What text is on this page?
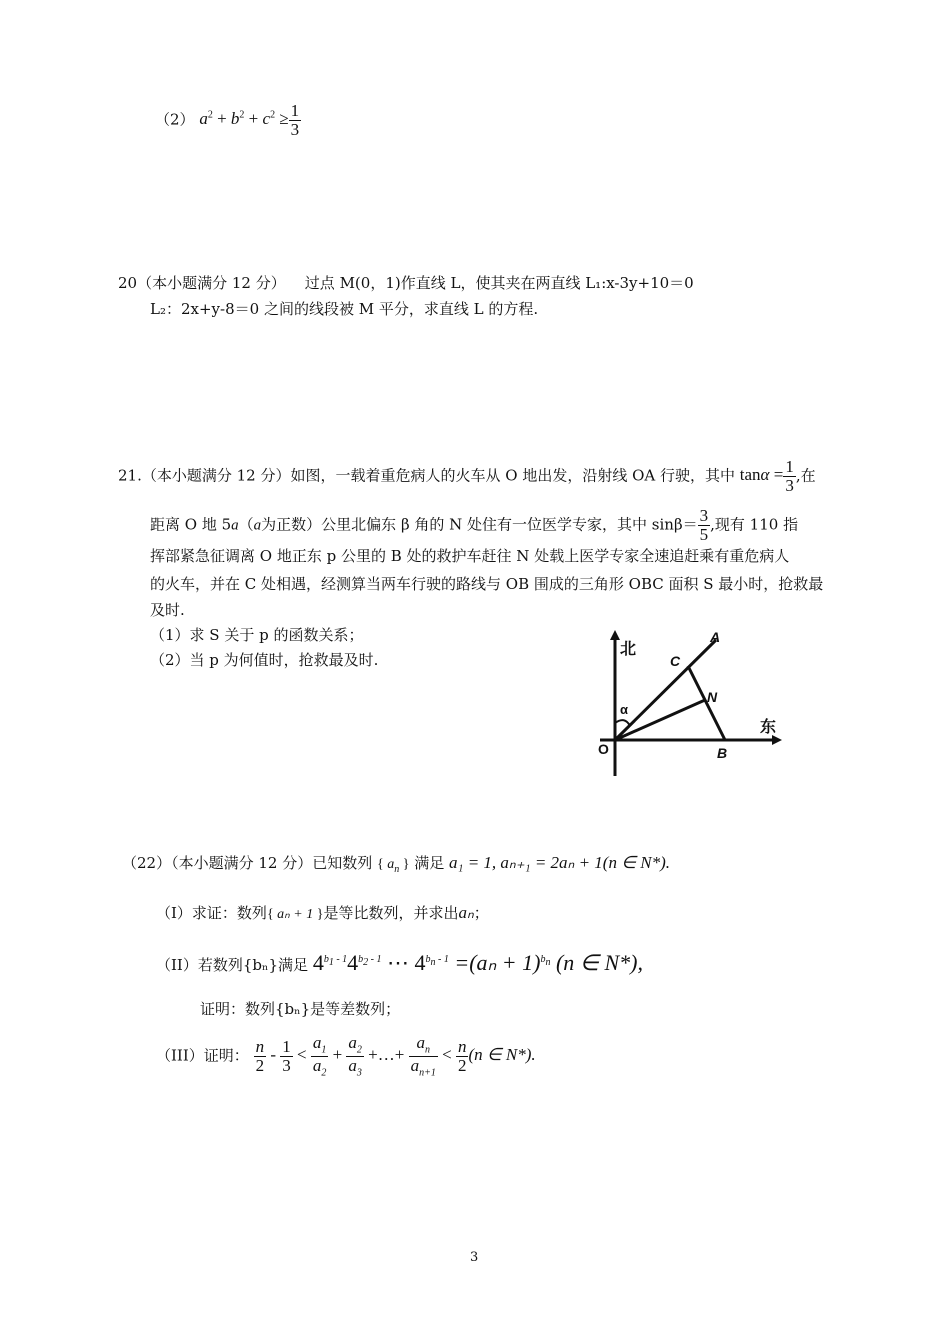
（2） $a^2 + b^2 + c^2 \ge \frac{1}{3}$
20（本小题满分 12 分） 过点 M(0，1)作直线 L，使其夹在两直线 L₁:x-3y+10＝0
L₂：2x+y-8＝0 之间的线段被 M 平分，求直线 L 的方程.
21.（本小题满分 12 分）如图，一载着重危病人的火车从 O 地出发，沿射线 OA 行驶，其中 $\tan\alpha = \frac{1}{3}$ ,在
距离 O 地 5a（a为正数）公里北偏东 β 角的 N 处住有一位医学专家，其中 $\sin\beta= \frac{3}{5}$ ,现有 110 指
挥部紧急征调离 O 地正东 p 公里的 B 处的救护车赶往 N 处载上医学专家全速追赶乘有重危病人
的火车，并在 C 处相遇，经测算当两车行驶的路线与 OB 围成的三角形 OBC 面积 S 最小时，抢救最
及时.
（1）求 S 关于 p 的函数关系；
（2）当 p 为何值时，抢救最及时.
北
东
O
A
C
N
B
α
（22）（本小题满分 12 分）已知数列 { $a_n$ } 满足 a₁ = 1, aₙ₊₁ = 2aₙ + 1(n ∈ N*).
（I）求证：数列{ aₙ + 1 }是等比数列，并求出aₙ；
（II）若数列{bₙ}满足 $4^{b_1 - 1}4^{b_2 - 1}$ ⋯ $4^{b_n - 1} =(a_n + 1)^{b_n}$ (n ∈ N*),
证明：数列{bₙ}是等差数列；
（III）证明： $\frac{n}{2} - \frac{1}{3} < \frac{a_1}{a_2} + \frac{a_2}{a_3}$ +…+ $\frac{a_n}{a_{n+1}} < \frac{n}{2} (n$ ∈ N*).
3
